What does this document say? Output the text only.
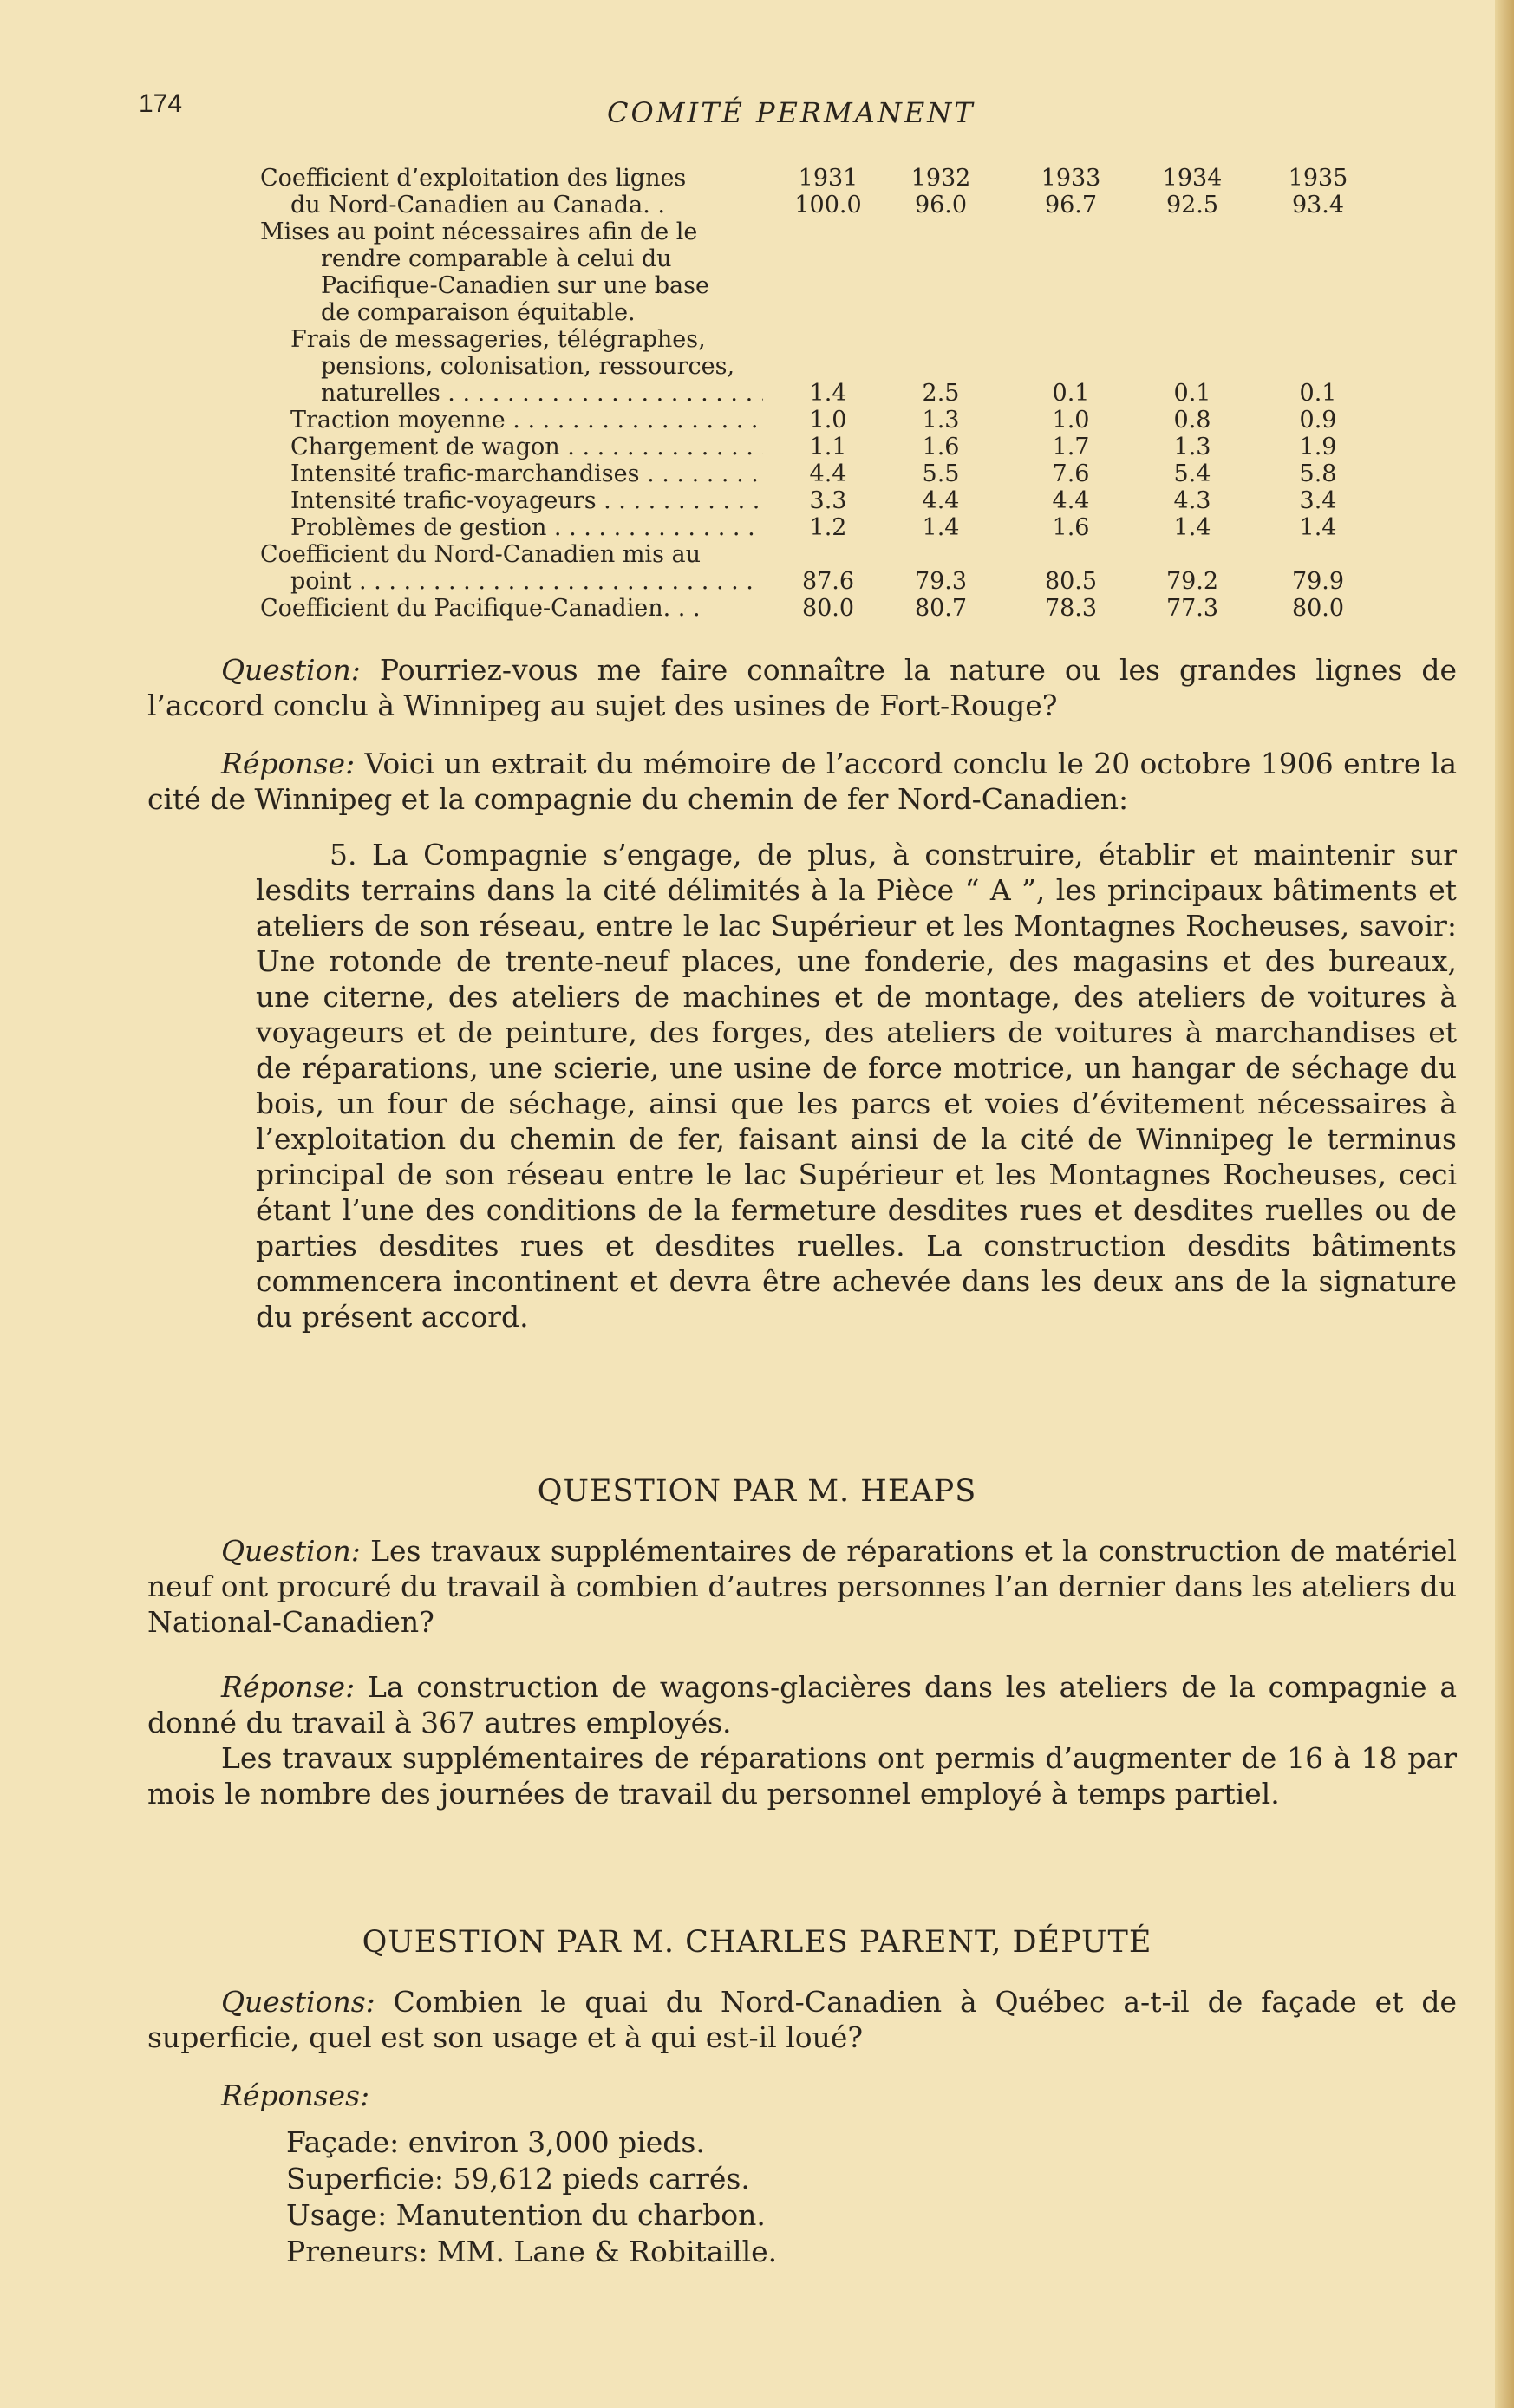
174	COMITÉ PERMANENT
Coefficient d’exploitation des lignes	1931	1932	1933	1934	1935
du Nord-Canadien au Canada. .	100.0	96.0	96.7	92.5	93.4
Mises au point nécessaires afin de le
rendre comparable à celui du
Pacifique-Canadien sur une base
de comparaison équitable.
Frais de messageries, télégraphes,
pensions, colonisation, ressources,
naturelles . . .	1.4	2.5	0.1	0.1	0.1
Traction moyenne . . .	1.0	1.3	1.0	0.8	0.9
Chargement de wagon . . .	1.1	1.6	1.7	1.3	1.9
Intensité trafic-marchandises . . .	4.4	5.5	7.6	5.4	5.8
Intensité trafic-voyageurs . . .	3.3	4.4	4.4	4.3	3.4
Problèmes de gestion . . .	1.2	1.4	1.6	1.4	1.4
Coefficient du Nord-Canadien mis au
point . . .	87.6	79.3	80.5	79.2	79.9
Coefficient du Pacifique-Canadien. . .	80.0	80.7	78.3	77.3	80.0

Question: Pourriez-vous me faire connaître la nature ou les grandes lignes de l’accord conclu à Winnipeg au sujet des usines de Fort-Rouge?

Réponse: Voici un extrait du mémoire de l’accord conclu le 20 octobre 1906 entre la cité de Winnipeg et la compagnie du chemin de fer Nord-Canadien:

5. La Compagnie s’engage, de plus, à construire, établir et maintenir sur lesdits terrains dans la cité délimités à la Pièce “ A ”, les principaux bâtiments et ateliers de son réseau, entre le lac Supérieur et les Montagnes Rocheuses, savoir: Une rotonde de trente-neuf places, une fonderie, des magasins et des bureaux, une citerne, des ateliers de machines et de montage, des ateliers de voitures à voyageurs et de peinture, des forges, des ateliers de voitures à marchandises et de réparations, une scierie, une usine de force motrice, un hangar de séchage du bois, un four de séchage, ainsi que les parcs et voies d’évitement nécessaires à l’exploitation du chemin de fer, faisant ainsi de la cité de Winnipeg le terminus principal de son réseau entre le lac Supérieur et les Montagnes Rocheuses, ceci étant l’une des conditions de la fermeture desdites rues et desdites ruelles ou de parties desdites rues et desdites ruelles. La construction desdits bâtiments commencera incontinent et devra être achevée dans les deux ans de la signature du présent accord.
QUESTION PAR M. HEAPS

Question: Les travaux supplémentaires de réparations et la construction de matériel neuf ont procuré du travail à combien d’autres personnes l’an dernier dans les ateliers du National-Canadien?

Réponse: La construction de wagons-glacières dans les ateliers de la compagnie a donné du travail à 367 autres employés.

Les travaux supplémentaires de réparations ont permis d’augmenter de 16 à 18 par mois le nombre des journées de travail du personnel employé à temps partiel.

QUESTION PAR M. CHARLES PARENT, DÉPUTÉ

Questions: Combien le quai du Nord-Canadien à Québec a-t-il de façade et de superficie, quel est son usage et à qui est-il loué?

Réponses:

Façade: environ 3,000 pieds.
Superficie: 59,612 pieds carrés.
Usage: Manutention du charbon.
Preneurs: MM. Lane & Robitaille.
